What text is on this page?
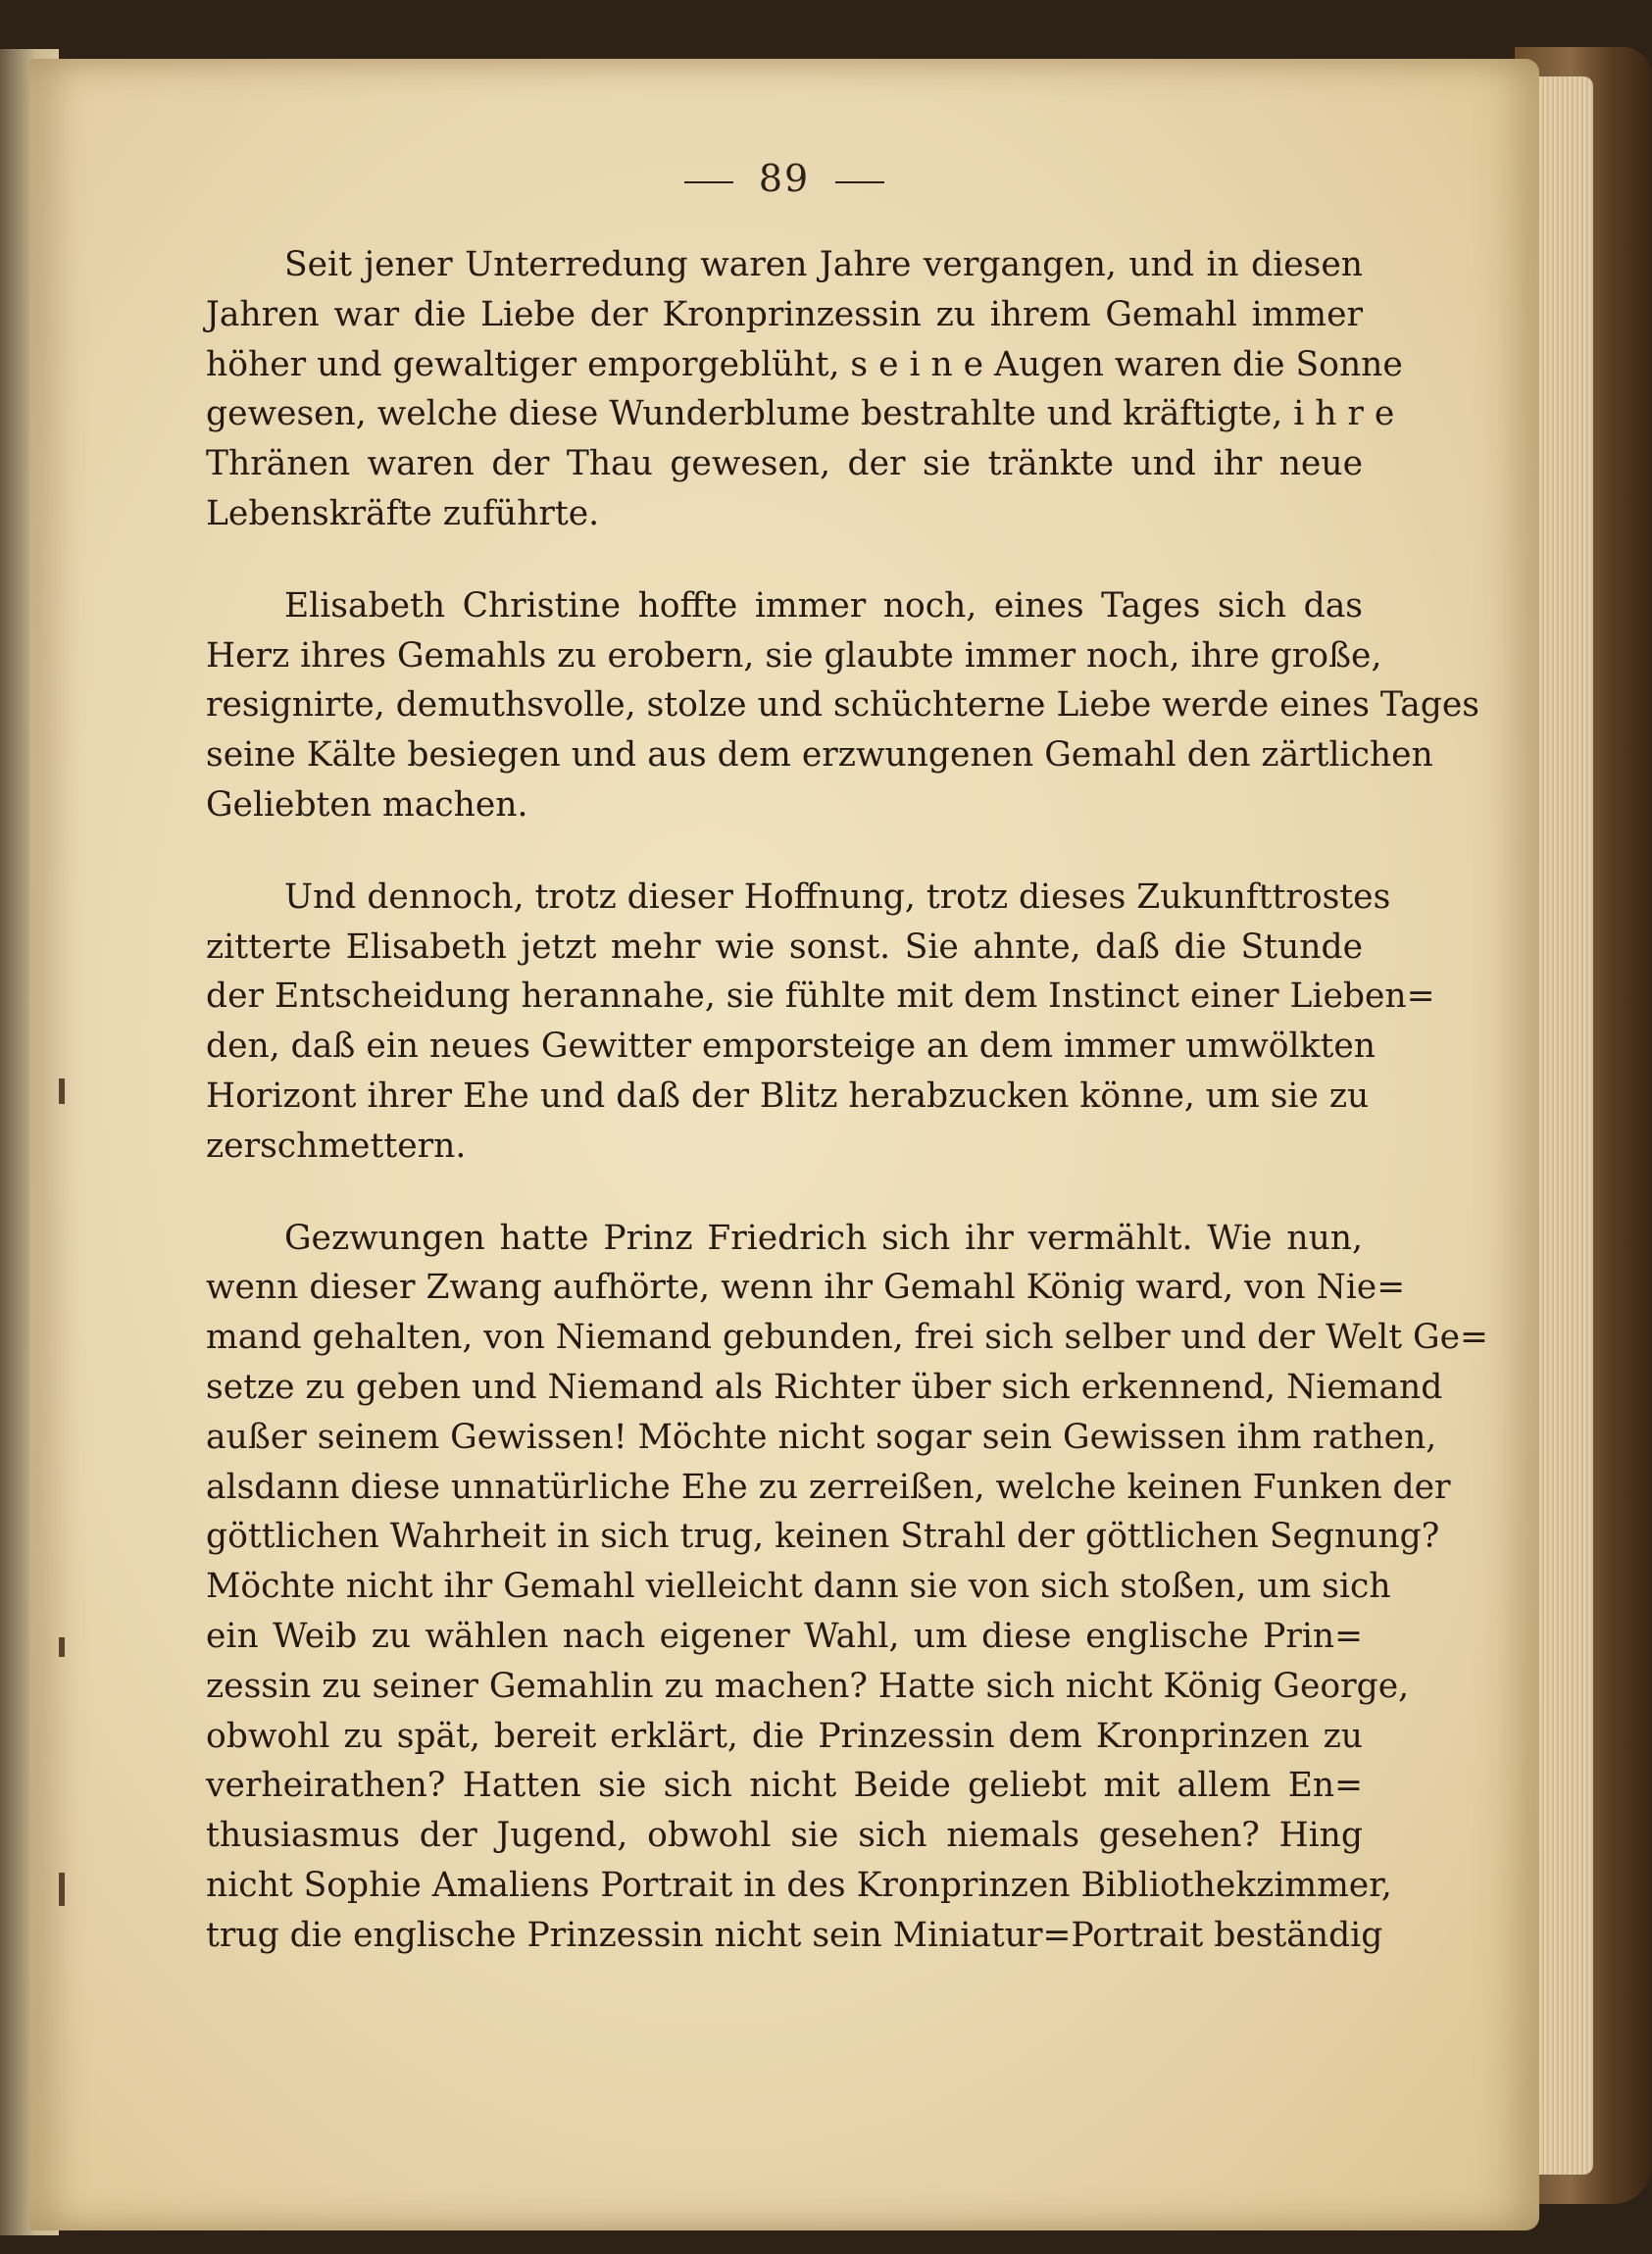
89
Seit jener Unterredung waren Jahre vergangen, und in diesen
Jahren war die Liebe der Kronprinzessin zu ihrem Gemahl immer
höher und gewaltiger emporgeblüht, s e i n e Augen waren die Sonne
gewesen, welche diese Wunderblume bestrahlte und kräftigte, i h r e
Thränen waren der Thau gewesen, der sie tränkte und ihr neue
Lebenskräfte zuführte.
Elisabeth Christine hoffte immer noch, eines Tages sich das
Herz ihres Gemahls zu erobern, sie glaubte immer noch, ihre große,
resignirte, demuthsvolle, stolze und schüchterne Liebe werde eines Tages
seine Kälte besiegen und aus dem erzwungenen Gemahl den zärtlichen
Geliebten machen.
Und dennoch, trotz dieser Hoffnung, trotz dieses Zukunfttrostes
zitterte Elisabeth jetzt mehr wie sonst. Sie ahnte, daß die Stunde
der Entscheidung herannahe, sie fühlte mit dem Instinct einer Lieben=
den, daß ein neues Gewitter emporsteige an dem immer umwölkten
Horizont ihrer Ehe und daß der Blitz herabzucken könne, um sie zu
zerschmettern.
Gezwungen hatte Prinz Friedrich sich ihr vermählt. Wie nun,
wenn dieser Zwang aufhörte, wenn ihr Gemahl König ward, von Nie=
mand gehalten, von Niemand gebunden, frei sich selber und der Welt Ge=
setze zu geben und Niemand als Richter über sich erkennend, Niemand
außer seinem Gewissen! Möchte nicht sogar sein Gewissen ihm rathen,
alsdann diese unnatürliche Ehe zu zerreißen, welche keinen Funken der
göttlichen Wahrheit in sich trug, keinen Strahl der göttlichen Segnung?
Möchte nicht ihr Gemahl vielleicht dann sie von sich stoßen, um sich
ein Weib zu wählen nach eigener Wahl, um diese englische Prin=
zessin zu seiner Gemahlin zu machen? Hatte sich nicht König George,
obwohl zu spät, bereit erklärt, die Prinzessin dem Kronprinzen zu
verheirathen? Hatten sie sich nicht Beide geliebt mit allem En=
thusiasmus der Jugend, obwohl sie sich niemals gesehen? Hing
nicht Sophie Amaliens Portrait in des Kronprinzen Bibliothekzimmer,
trug die englische Prinzessin nicht sein Miniatur=Portrait beständig
